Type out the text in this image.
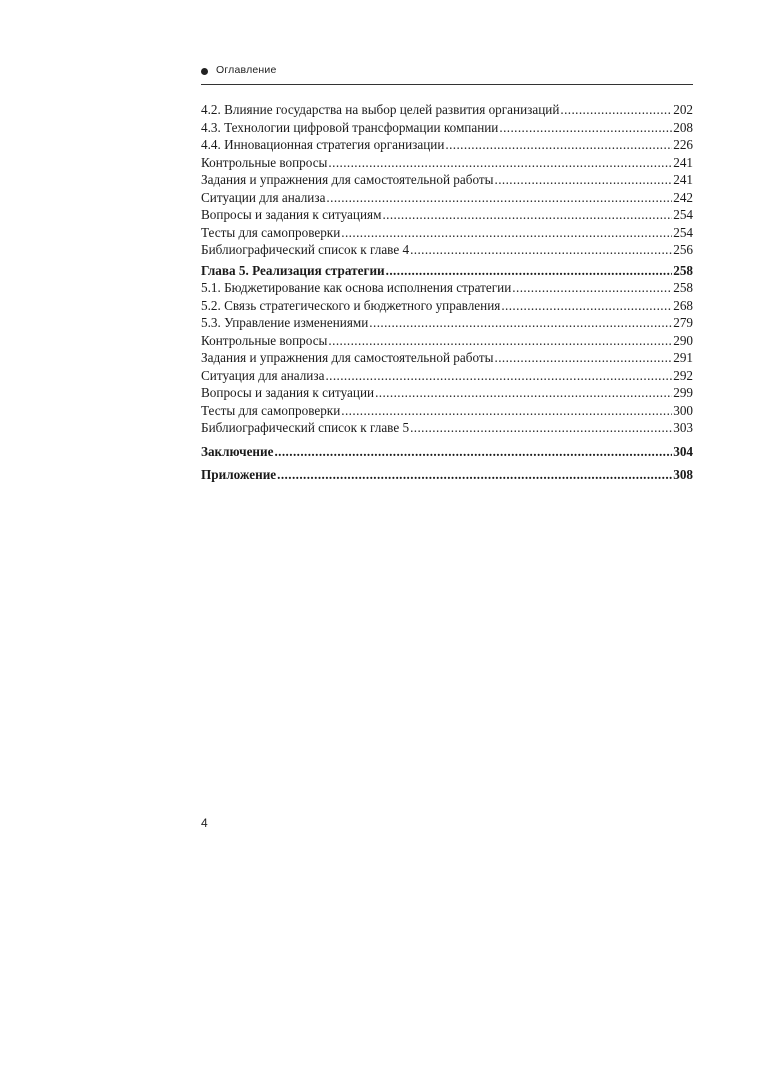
Оглавление
4.2. Влияние государства на выбор целей развития организаций .....	202
4.3. Технологии цифровой трансформации компании .....	208
4.4. Инновационная стратегия организации .....	226
Контрольные вопросы .....	241
Задания и упражнения для самостоятельной работы .....	241
Ситуации для анализа .....	242
Вопросы и задания к ситуациям .....	254
Тесты для самопроверки .....	254
Библиографический список к главе 4 .....	256
Глава 5. Реализация стратегии .....	258
5.1. Бюджетирование как основа исполнения стратегии .....	258
5.2. Связь стратегического и бюджетного управления .....	268
5.3. Управление изменениями .....	279
Контрольные вопросы .....	290
Задания и упражнения для самостоятельной работы .....	291
Ситуация для анализа .....	292
Вопросы и задания к ситуации .....	299
Тесты для самопроверки .....	300
Библиографический список к главе 5 .....	303
Заключение .....	304
Приложение .....	308
4
